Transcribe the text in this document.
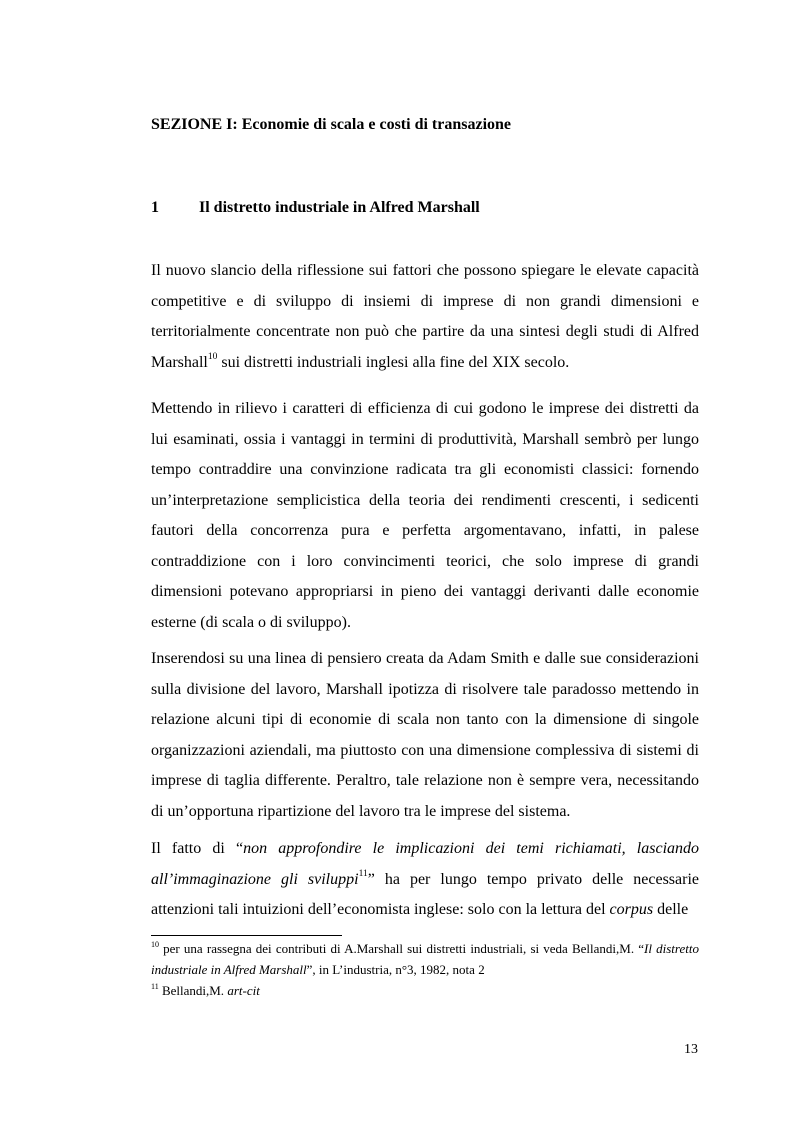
SEZIONE I: Economie di scala e costi di transazione
1	Il distretto industriale in Alfred Marshall

Il nuovo slancio della riflessione sui fattori che possono spiegare le elevate capacità competitive e di sviluppo di insiemi di imprese di non grandi dimensioni e territorialmente concentrate non può che partire da una sintesi degli studi di Alfred Marshall$^{10}$ sui distretti industriali inglesi alla fine del XIX secolo.

Mettendo in rilievo i caratteri di efficienza di cui godono le imprese dei distretti da lui esaminati, ossia i vantaggi in termini di produttività, Marshall sembrò per lungo tempo contraddire una convinzione radicata tra gli economisti classici: fornendo un’interpretazione semplicistica della teoria dei rendimenti crescenti, i sedicenti fautori della concorrenza pura e perfetta argomentavano, infatti, in palese contraddizione con i loro convincimenti teorici, che solo imprese di grandi dimensioni potevano appropriarsi in pieno dei vantaggi derivanti dalle economie esterne (di scala o di sviluppo).

Inserendosi su una linea di pensiero creata da Adam Smith e dalle sue considerazioni sulla divisione del lavoro, Marshall ipotizza di risolvere tale paradosso mettendo in relazione alcuni tipi di economie di scala non tanto con la dimensione di singole organizzazioni aziendali, ma piuttosto con una dimensione complessiva di sistemi di imprese di taglia differente. Peraltro, tale relazione non è sempre vera, necessitando di un’opportuna ripartizione del lavoro tra le imprese del sistema.

Il fatto di “non approfondire le implicazioni dei temi richiamati, lasciando all’immaginazione gli sviluppi$^{11}$” ha per lungo tempo privato delle necessarie attenzioni tali intuizioni dell’economista inglese: solo con la lettura del corpus delle

$^{10}$ per una rassegna dei contributi di A.Marshall sui distretti industriali, si veda Bellandi,M. “Il distretto industriale in Alfred Marshall”, in L’industria, n°3, 1982, nota 2

$^{11}$ Bellandi,M. art-cit

13
